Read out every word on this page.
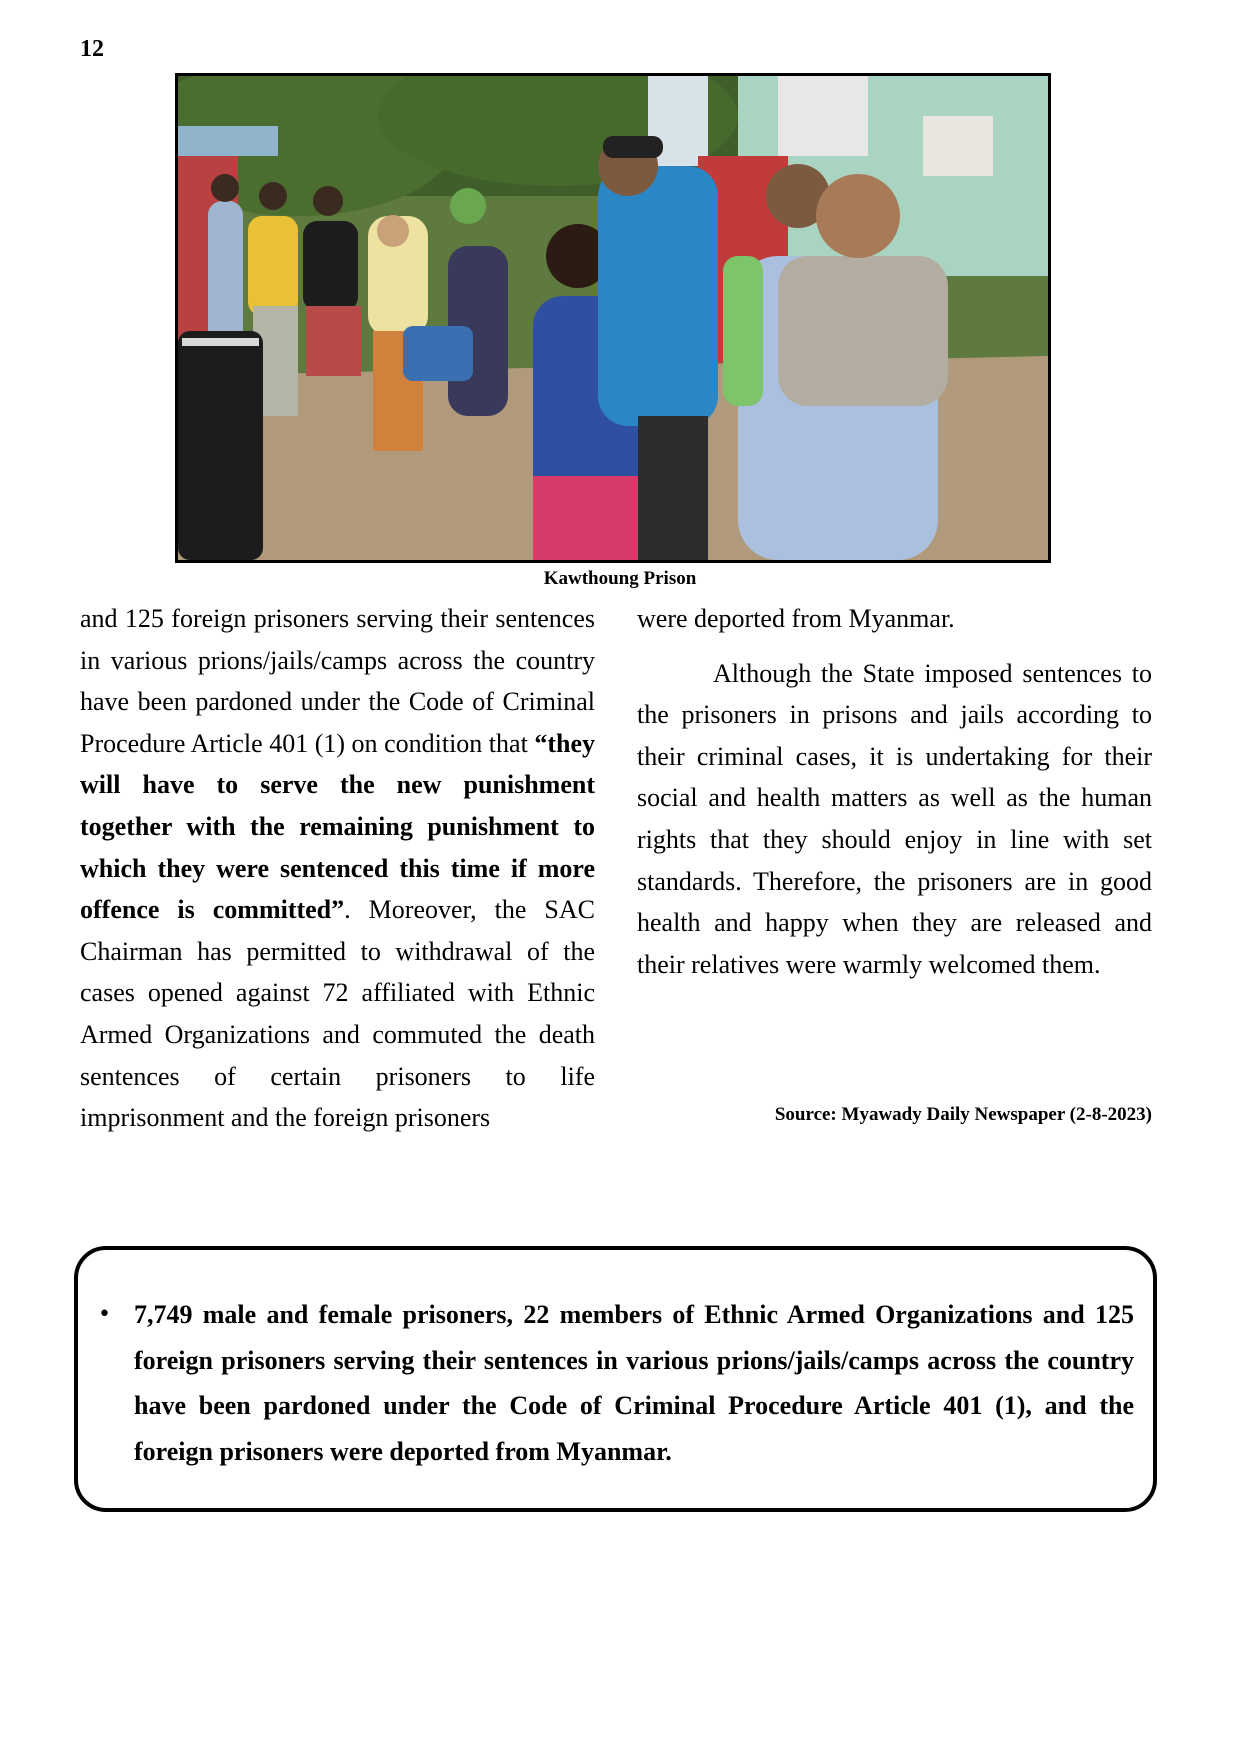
12
Kawthoung Prison

and 125 foreign prisoners serving their sentences in various prions/jails/camps across the country have been pardoned under the Code of Criminal Procedure Article 401 (1) on condition that “they will have to serve the new punishment together with the remaining punishment to which they were sentenced this time if more offence is committed”. Moreover, the SAC Chairman has permitted to withdrawal of the cases opened against 72 affiliated with Ethnic Armed Organizations and commuted the death sentences of certain prisoners to life imprisonment and the foreign prisoners

were deported from Myanmar.

Although the State imposed sentences to the prisoners in prisons and jails according to their criminal cases, it is undertaking for their social and health matters as well as the human rights that they should enjoy in line with set standards. Therefore, the prisoners are in good health and happy when they are released and their relatives were warmly welcomed them.

Source: Myawady Daily Newspaper (2-8-2023)
• 7,749 male and female prisoners, 22 members of Ethnic Armed Organizations and 125 foreign prisoners serving their sentences in various prions/jails/camps across the country have been pardoned under the Code of Criminal Procedure Article 401 (1), and the foreign prisoners were deported from Myanmar.
